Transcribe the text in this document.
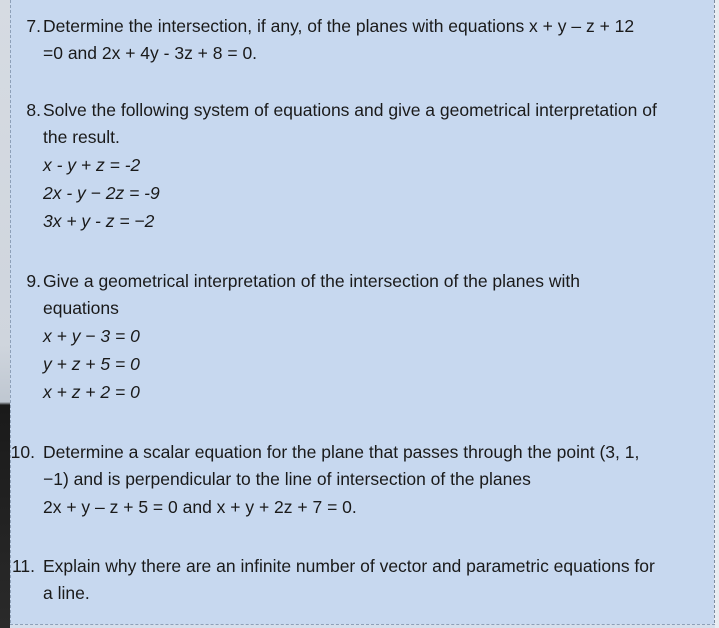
7. Determine the intersection, if any, of the planes with equations x + y – z + 12
=0 and 2x + 4y - 3z + 8 = 0.
8. Solve the following system of equations and give a geometrical interpretation of
the result.
x - y + z = -2
2x - y − 2z = -9
3x + y - z = −2
9. Give a geometrical interpretation of the intersection of the planes with
equations
x + y − 3 = 0
y + z + 5 = 0
x + z + 2 = 0
10. Determine a scalar equation for the plane that passes through the point (3, 1,
−1) and is perpendicular to the line of intersection of the planes
2x + y – z + 5 = 0 and x + y + 2z + 7 = 0.
11. Explain why there are an infinite number of vector and parametric equations for
a line.
